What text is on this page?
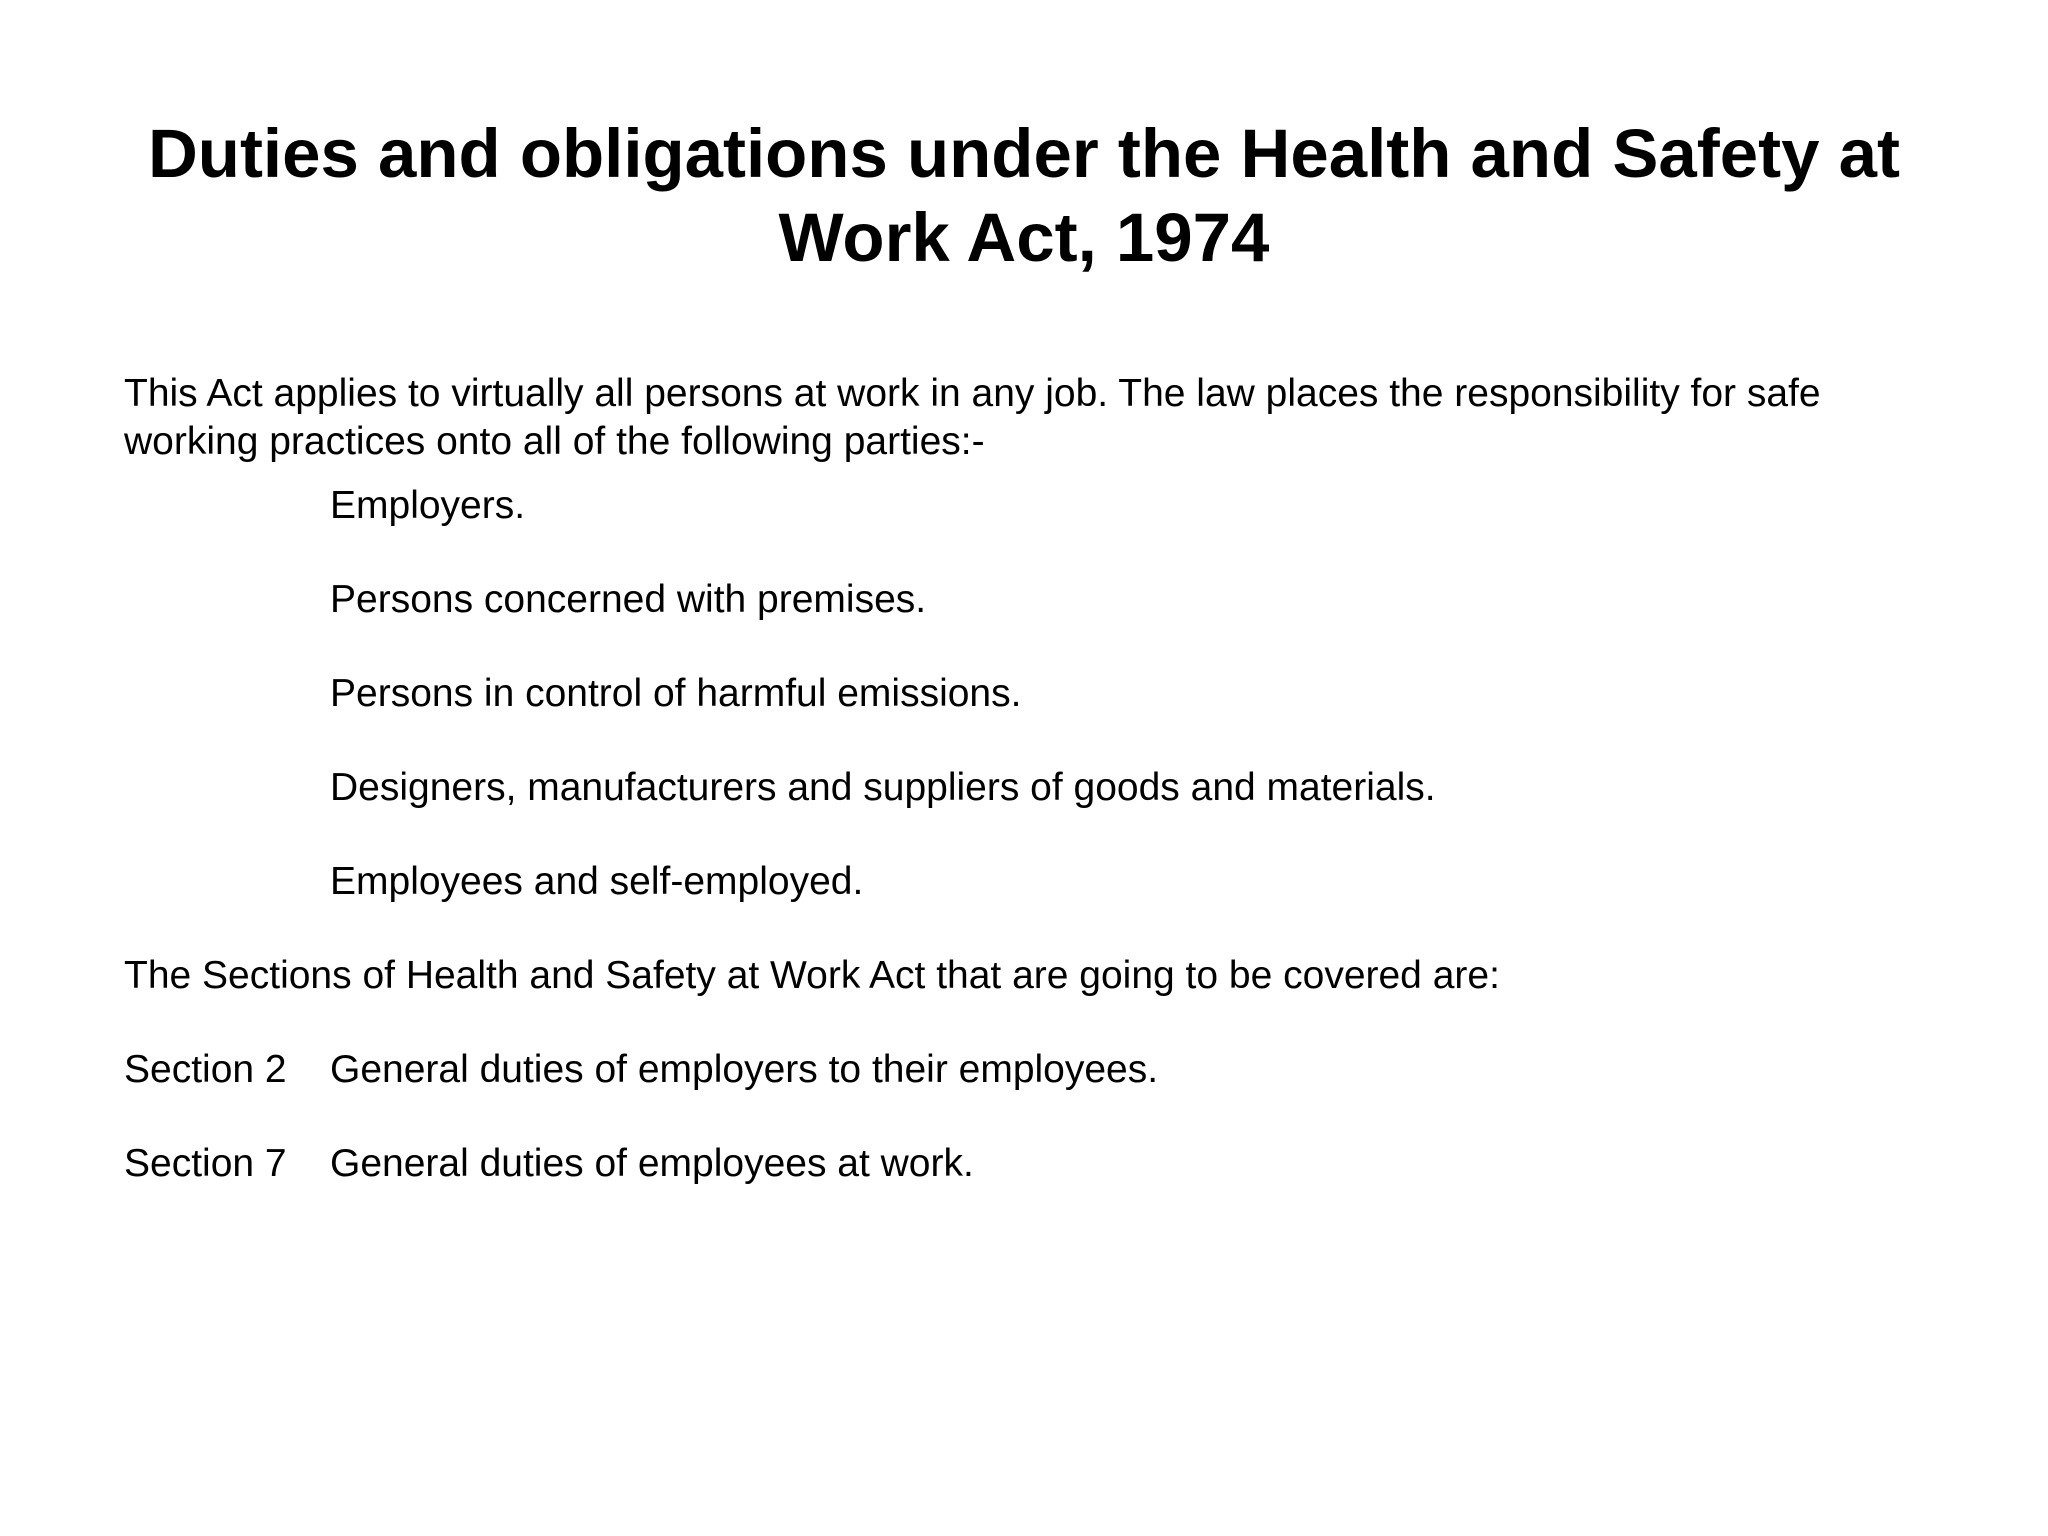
Duties and obligations under the Health and Safety at Work Act, 1974

This Act applies to virtually all persons at work in any job. The law places the responsibility for safe working practices onto all of the following parties:-

Employers.
Persons concerned with premises.
Persons in control of harmful emissions.
Designers, manufacturers and suppliers of goods and materials.
Employees and self-employed.

The Sections of Health and Safety at Work Act that are going to be covered are:

Section 2 General duties of employers to their employees.
Section 7 General duties of employees at work.
